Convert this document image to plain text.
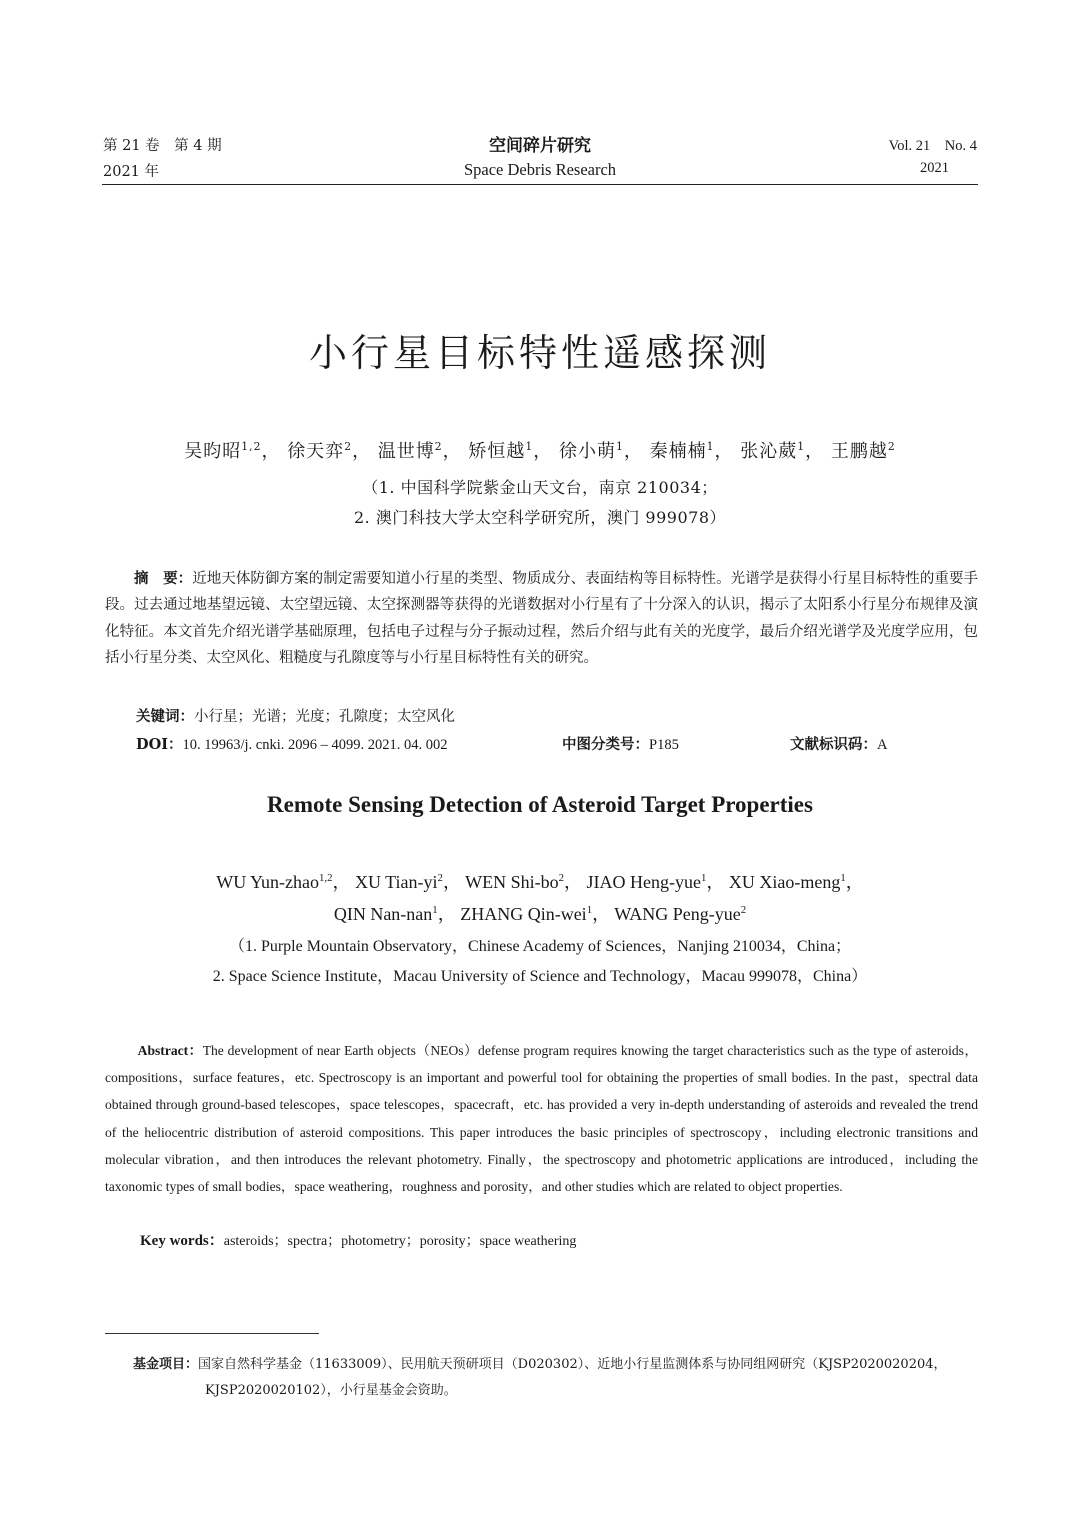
第 21 卷　第 4 期
2021 年
空间碎片研究
Space Debris Research
Vol. 21　No. 4
2021
小行星目标特性遥感探测
吴昀昭$^{1,2}$， 徐天弈$^2$， 温世博$^2$， 矫恒越$^1$， 徐小萌$^1$， 秦楠楠$^1$， 张沁葳$^1$， 王鹏越$^2$
（1. 中国科学院紫金山天文台，南京 210034；
2. 澳门科技大学太空科学研究所，澳门 999078）
摘　要：近地天体防御方案的制定需要知道小行星的类型、物质成分、表面结构等目标特性。光谱学是获得小行星目标特性的重要手段。过去通过地基望远镜、太空望远镜、太空探测器等获得的光谱数据对小行星有了十分深入的认识，揭示了太阳系小行星分布规律及演化特征。本文首先介绍光谱学基础原理，包括电子过程与分子振动过程，然后介绍与此有关的光度学，最后介绍光谱学及光度学应用，包括小行星分类、太空风化、粗糙度与孔隙度等与小行星目标特性有关的研究。
关键词：小行星；光谱；光度；孔隙度；太空风化
DOI：10. 19963/j. cnki. 2096 – 4099. 2021. 04. 002	中图分类号：P185	文献标识码：A
Remote Sensing Detection of Asteroid Target Properties
WU Yun-zhao$^{1,2}$， XU Tian-$yi^2$， WEN Shi-$bo^2$， JIAO Heng-yue$^1$， XU Xiao-meng$^1$，
QIN Nan-nan$^1$， ZHANG Qin-wei$^1$， WANG Peng-yue$^2$
（1. Purple Mountain Observatory，Chinese Academy of Sciences，Nanjing 210034，China；
2. Space Science Institute，Macau University of Science and Technology，Macau 999078，China）
Abstract：The development of near Earth objects（NEOs）defense program requires knowing the target characteristics such as the type of asteroids，compositions，surface features，etc. Spectroscopy is an important and powerful tool for obtaining the properties of small bodies. In the past，spectral data obtained through ground-based telescopes，space telescopes，spacecraft，etc. has provided a very in-depth understanding of asteroids and revealed the trend of the heliocentric distribution of asteroid compositions. This paper introduces the basic principles of spectroscopy，including electronic transitions and molecular vibration，and then introduces the relevant photometry. Finally，the spectroscopy and photometric applications are introduced，including the taxonomic types of small bodies，space weathering，roughness and porosity，and other studies which are related to object properties.
Key words：asteroids；spectra；photometry；porosity；space weathering
基金项目：国家自然科学基金（11633009）、民用航天预研项目（D020302）、近地小行星监测体系与协同组网研究（KJSP2020020204，
KJSP2020020102），小行星基金会资助。
